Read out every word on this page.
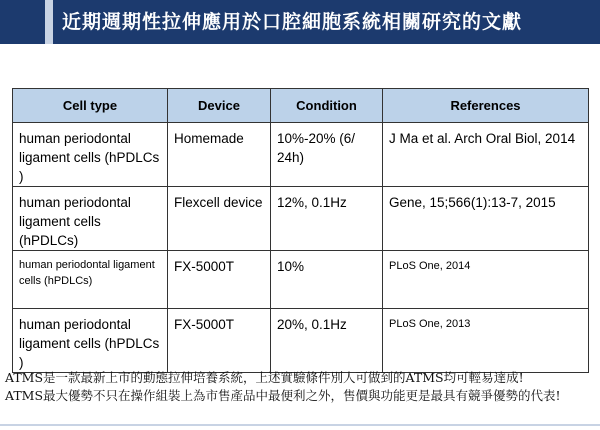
近期週期性拉伸應用於口腔細胞系統相關研究的文獻
Cell type	Device	Condition	References
human periodontal ligament cells (hPDLCs )	Homemade	10%-20% (6/ 24h)	J Ma et al. Arch Oral Biol, 2014
human periodontal ligament cells (hPDLCs)	Flexcell device	12%, 0.1Hz	Gene, 15;566(1):13-7, 2015
human periodontal ligament cells (hPDLCs)	FX-5000T	10%	PLoS One, 2014
human periodontal ligament cells (hPDLCs )	FX-5000T	20%, 0.1Hz	PLoS One, 2013
ATMS是一款最新上市的動態拉伸培養系統，上述實驗條件別人可做到的ATMS均可輕易達成!
ATMS最大優勢不只在操作組裝上為市售產品中最便利之外，售價與功能更是最具有競爭優勢的代表!
